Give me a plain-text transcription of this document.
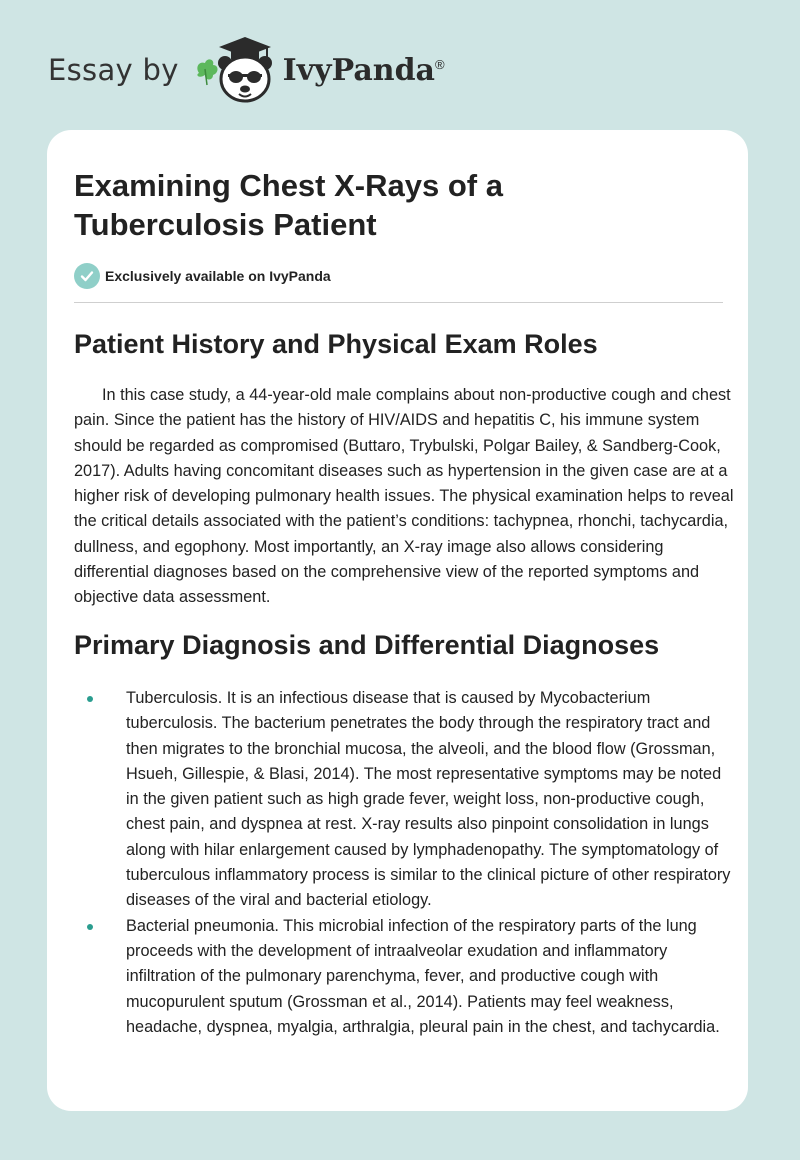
Essay by	IvyPanda®
Examining Chest X-Rays of a Tuberculosis Patient
Exclusively available on IvyPanda
Patient History and Physical Exam Roles

In this case study, a 44-year-old male complains about non-productive cough and chest pain. Since the patient has the history of HIV/AIDS and hepatitis C, his immune system should be regarded as compromised (Buttaro, Trybulski, Polgar Bailey, & Sandberg-Cook, 2017). Adults having concomitant diseases such as hypertension in the given case are at a higher risk of developing pulmonary health issues. The physical examination helps to reveal the critical details associated with the patient’s conditions: tachypnea, rhonchi, tachycardia, dullness, and egophony. Most importantly, an X-ray image also allows considering differential diagnoses based on the comprehensive view of the reported symptoms and objective data assessment.

Primary Diagnosis and Differential Diagnoses
Tuberculosis. It is an infectious disease that is caused by Mycobacterium tuberculosis. The bacterium penetrates the body through the respiratory tract and then migrates to the bronchial mucosa, the alveoli, and the blood flow (Grossman, Hsueh, Gillespie, & Blasi, 2014). The most representative symptoms may be noted in the given patient such as high grade fever, weight loss, non-productive cough, chest pain, and dyspnea at rest. X-ray results also pinpoint consolidation in lungs along with hilar enlargement caused by lymphadenopathy. The symptomatology of tuberculous inflammatory process is similar to the clinical picture of other respiratory diseases of the viral and bacterial etiology.
Bacterial pneumonia. This microbial infection of the respiratory parts of the lung proceeds with the development of intraalveolar exudation and inflammatory infiltration of the pulmonary parenchyma, fever, and productive cough with mucopurulent sputum (Grossman et al., 2014). Patients may feel weakness, headache, dyspnea, myalgia, arthralgia, pleural pain in the chest, and tachycardia.
